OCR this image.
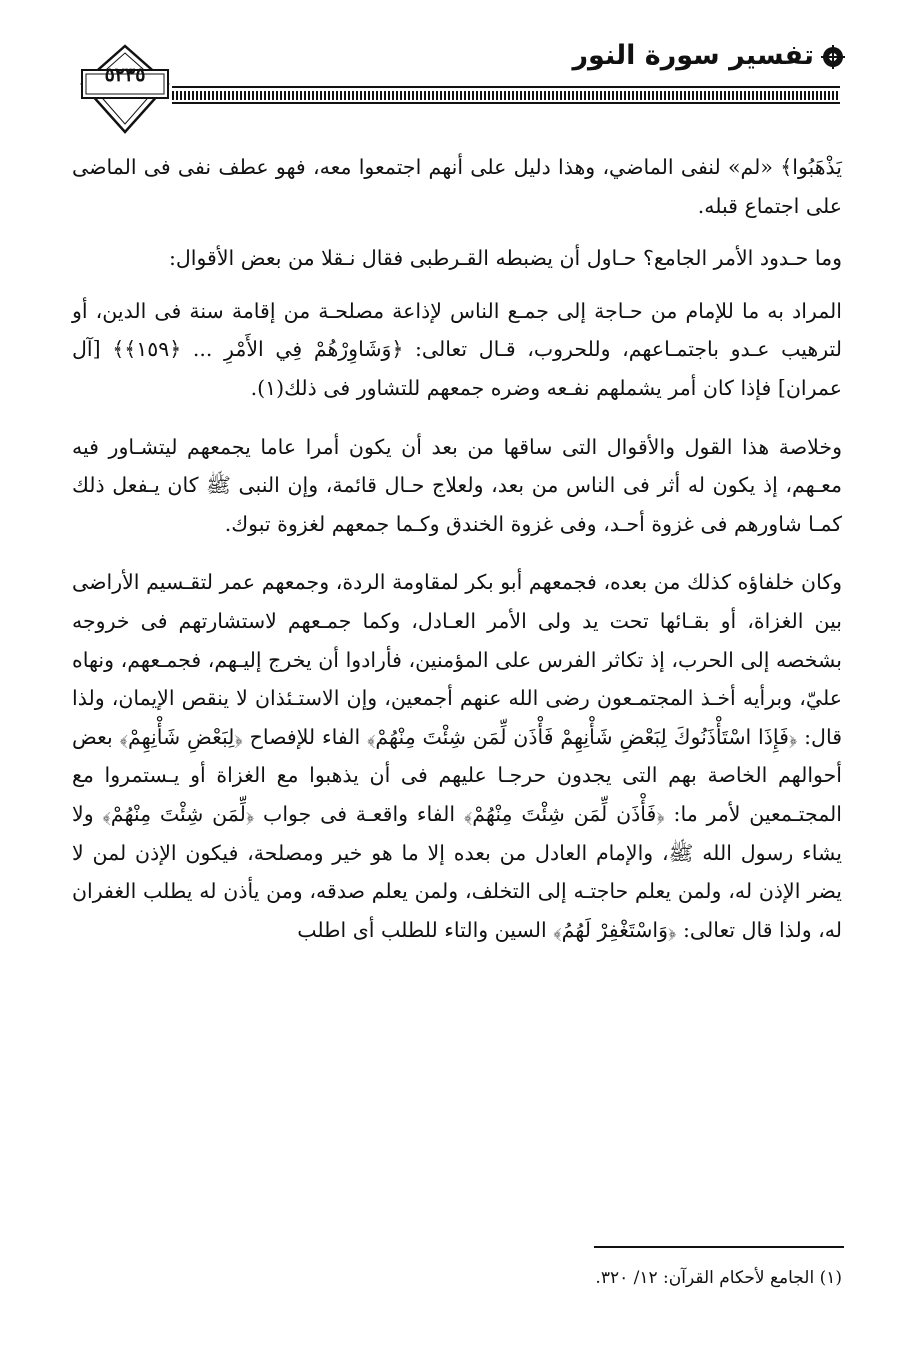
تفسير سورة النور
٥٢٣٥

يَذْهَبُوا﴾ «لم» لنفى الماضي، وهذا دليل على أنهم اجتمعوا معه، فهو عطف نفى فى الماضى على اجتماع قبله.

وما حـدود الأمر الجامع؟ حـاول أن يضبطه القـرطبى فقال نـقلا من بعض الأقوال:

المراد به ما للإمام من حـاجة إلى جمـع الناس لإذاعة مصلحـة من إقامة سنة فى الدين، أو لترهيب عـدو باجتمـاعهم، وللحروب، قـال تعالى: ﴿وَشَاوِرْهُمْ فِي الأَمْرِ ... ﴿١٥٩﴾﴾ [آل عمران] فإذا كان أمر يشملهم نفـعه وضره جمعهم للتشاور فى ذلك(١).

وخلاصة هذا القول والأقوال التى ساقها من بعد أن يكون أمرا عاما يجمعهم ليتشـاور فيه معـهم، إذ يكون له أثر فى الناس من بعد، ولعلاج حـال قائمة، وإن النبى ﷺ كان يـفعل ذلك كمـا شاورهم فى غزوة أحـد، وفى غزوة الخندق وكـما جمعهم لغزوة تبوك.

وكان خلفاؤه كذلك من بعده، فجمعهم أبو بكر لمقاومة الردة، وجمعهم عمر لتقـسيم الأراضى بين الغزاة، أو بقـائها تحت يد ولى الأمر العـادل، وكما جمـعهم لاستشارتهم فى خروجه بشخصه إلى الحرب، إذ تكاثر الفرس على المؤمنين، فأرادوا أن يخرج إليـهم، فجمـعهم، ونهاه عليّ، وبرأيه أخـذ المجتمـعون رضى الله عنهم أجمعين، وإن الاستـئذان لا ينقص الإيمان، ولذا قال: ﴿فَإِذَا اسْتَأْذَنُوكَ لِبَعْضِ شَأْنِهِمْ فَأْذَن لِّمَن شِئْتَ مِنْهُمْ﴾ الفاء للإفصاح ﴿لِبَعْضِ شَأْنِهِمْ﴾ بعض أحوالهم الخاصة بهم التى يجدون حرجـا عليهم فى أن يذهبوا مع الغزاة أو يـستمروا مع المجتـمعين لأمر ما: ﴿فَأْذَن لِّمَن شِئْتَ مِنْهُمْ﴾ الفاء واقعـة فى جواب ﴿لِّمَن شِئْتَ مِنْهُمْ﴾ ولا يشاء رسول الله ﷺ، والإمام العادل من بعده إلا ما هو خير ومصلحة، فيكون الإذن لمن لا يضر الإذن له، ولمن يعلم حاجتـه إلى التخلف، ولمن يعلم صدقه، ومن يأذن له يطلب الغفران له، ولذا قال تعالى: ﴿وَاسْتَغْفِرْ لَهُمُ﴾ السين والتاء للطلب أى اطلب

(١) الجامع لأحكام القرآن: ١٢/ ٣٢٠.
